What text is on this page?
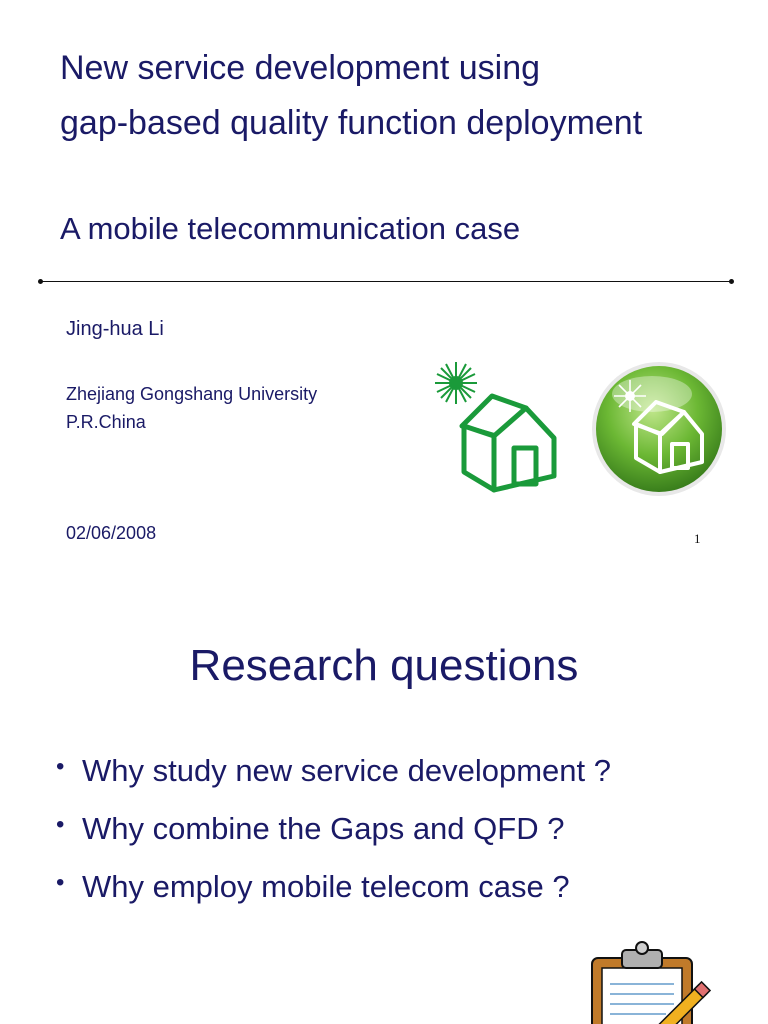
New service development using
gap-based quality function deployment
A mobile telecommunication case
Jing-hua Li
Zhejiang Gongshang University
P.R.China
02/06/2008	1
Research questions
• Why study new service development ?
• Why combine the Gaps and QFD ?
• Why employ mobile telecom case ?
